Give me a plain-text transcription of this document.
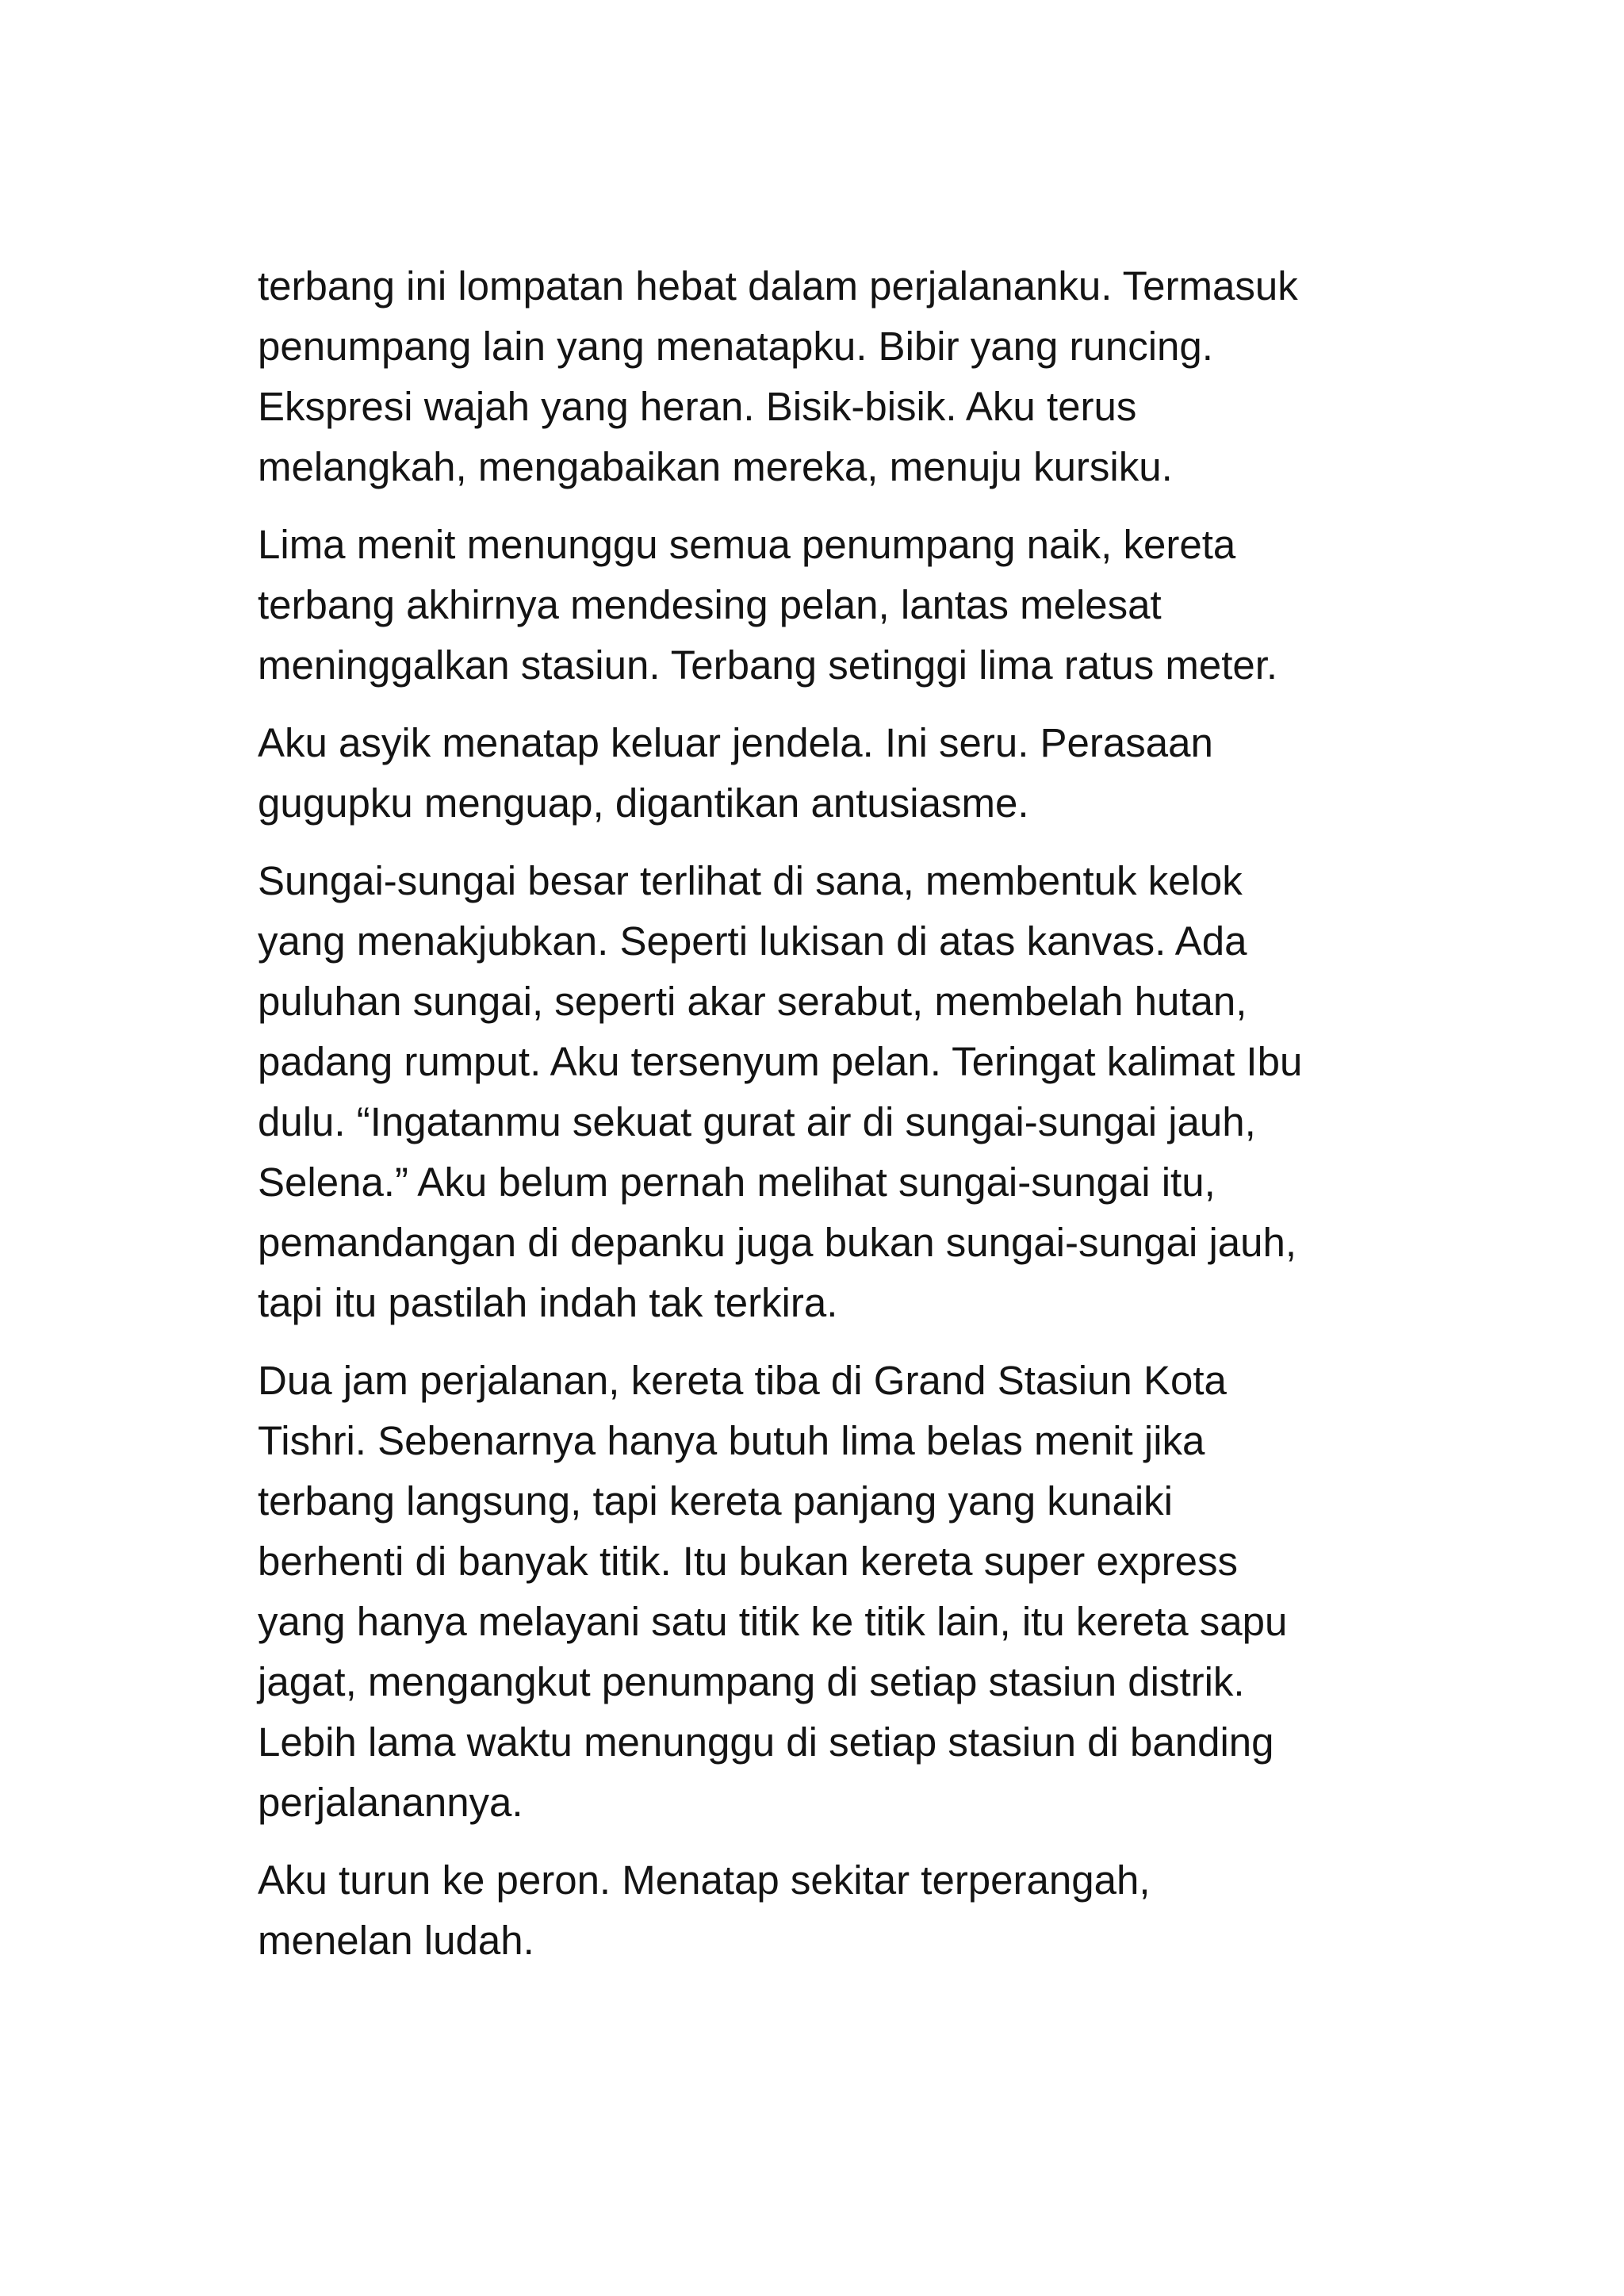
terbang ini lompatan hebat dalam perjalananku. Termasuk
penumpang lain yang menatapku. Bibir yang runcing.
Ekspresi wajah yang heran. Bisik-bisik. Aku terus
melangkah, mengabaikan mereka, menuju kursiku.

Lima menit menunggu semua penumpang naik, kereta
terbang akhirnya mendesing pelan, lantas melesat
meninggalkan stasiun. Terbang setinggi lima ratus meter.

Aku asyik menatap keluar jendela. Ini seru. Perasaan
gugupku menguap, digantikan antusiasme.

Sungai-sungai besar terlihat di sana, membentuk kelok
yang menakjubkan. Seperti lukisan di atas kanvas. Ada
puluhan sungai, seperti akar serabut, membelah hutan,
padang rumput. Aku tersenyum pelan. Teringat kalimat Ibu
dulu. “Ingatanmu sekuat gurat air di sungai-sungai jauh,
Selena.” Aku belum pernah melihat sungai-sungai itu,
pemandangan di depanku juga bukan sungai-sungai jauh,
tapi itu pastilah indah tak terkira.

Dua jam perjalanan, kereta tiba di Grand Stasiun Kota
Tishri. Sebenarnya hanya butuh lima belas menit jika
terbang langsung, tapi kereta panjang yang kunaiki
berhenti di banyak titik. Itu bukan kereta super express
yang hanya melayani satu titik ke titik lain, itu kereta sapu
jagat, mengangkut penumpang di setiap stasiun distrik.
Lebih lama waktu menunggu di setiap stasiun di banding
perjalanannya.

Aku turun ke peron. Menatap sekitar terperangah,
menelan ludah.
